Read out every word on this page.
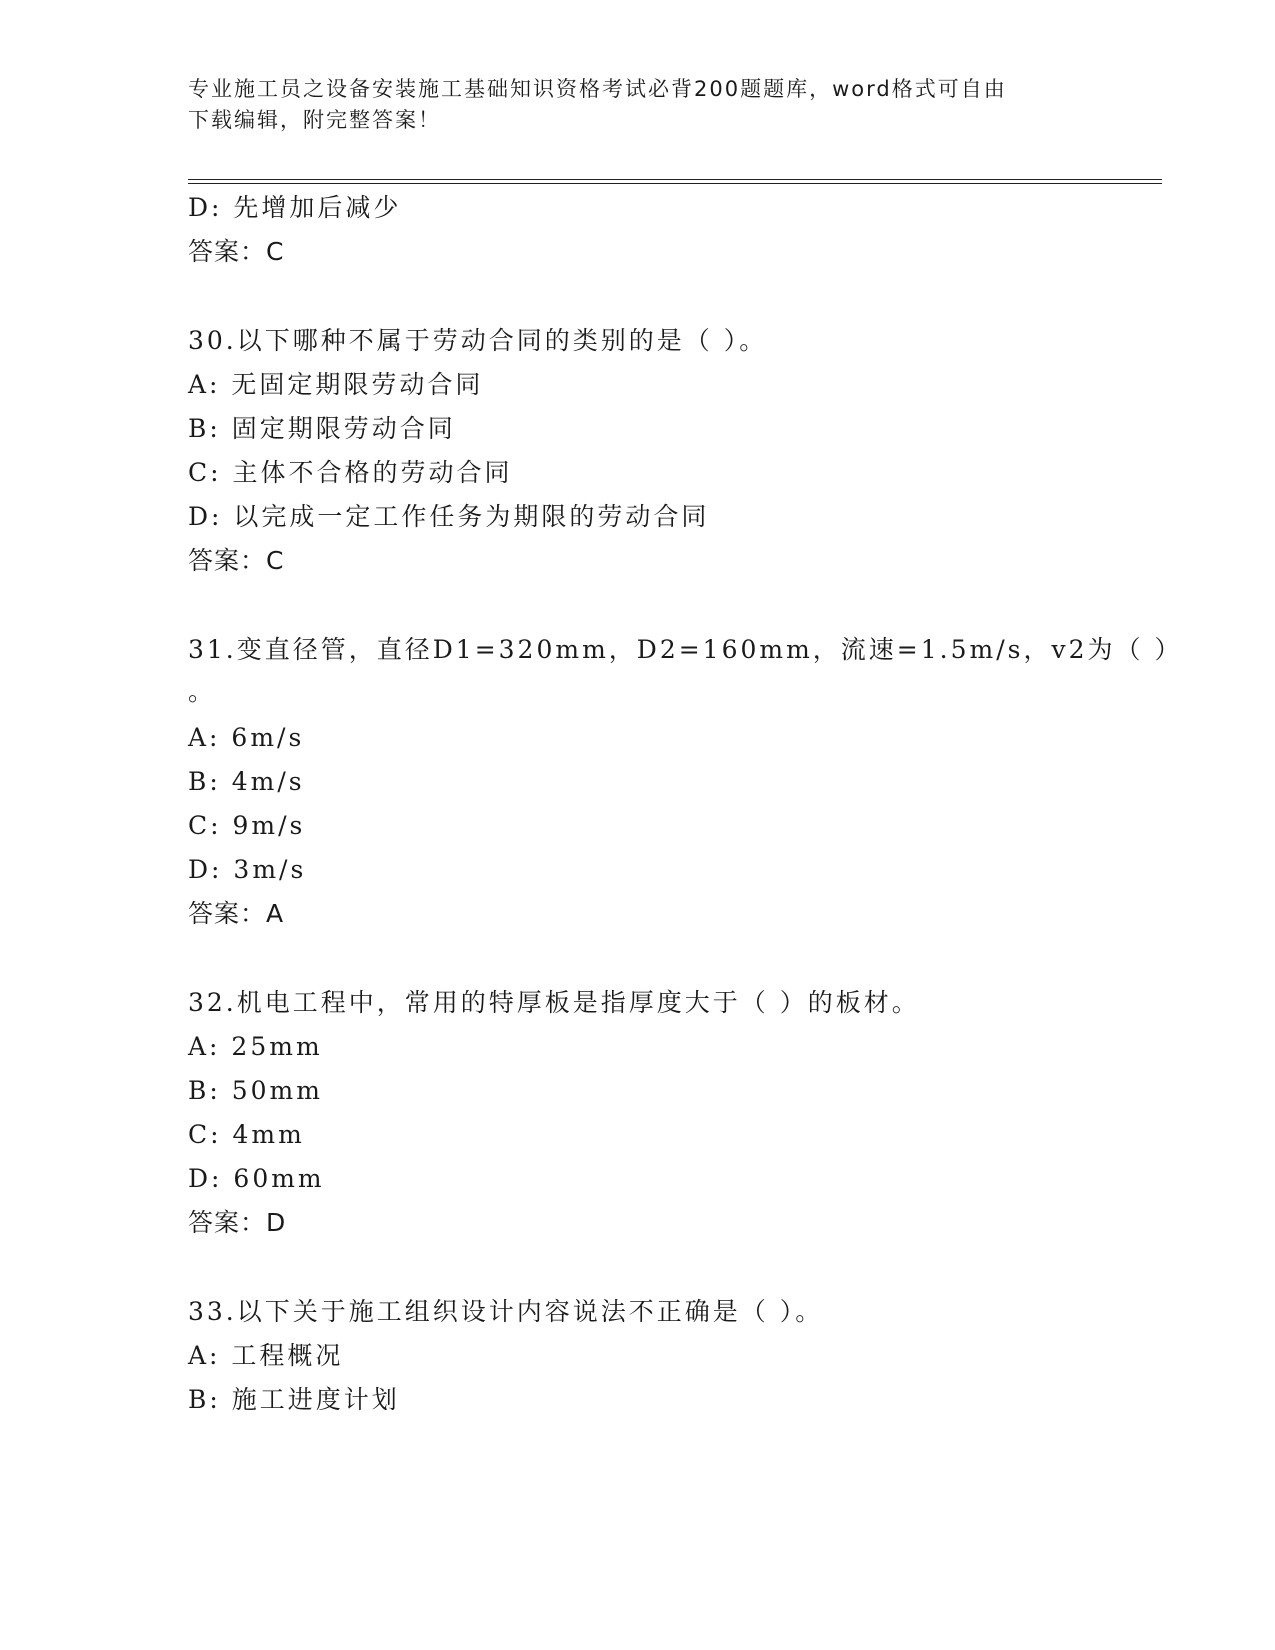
专业施工员之设备安装施工基础知识资格考试必背200题题库，word格式可自由
下载编辑，附完整答案！
D: 先增加后减少
答案：C
30.以下哪种不属于劳动合同的类别的是（ ）。
A: 无固定期限劳动合同
B: 固定期限劳动合同
C: 主体不合格的劳动合同
D: 以完成一定工作任务为期限的劳动合同
答案：C
31.变直径管，直径D1=320mm，D2=160mm，流速=1.5m/s，v2为（ ）
。
A: 6m/s
B: 4m/s
C: 9m/s
D: 3m/s
答案：A
32.机电工程中，常用的特厚板是指厚度大于（ ）的板材。
A: 25mm
B: 50mm
C: 4mm
D: 60mm
答案：D
33.以下关于施工组织设计内容说法不正确是（ ）。
A: 工程概况
B: 施工进度计划
